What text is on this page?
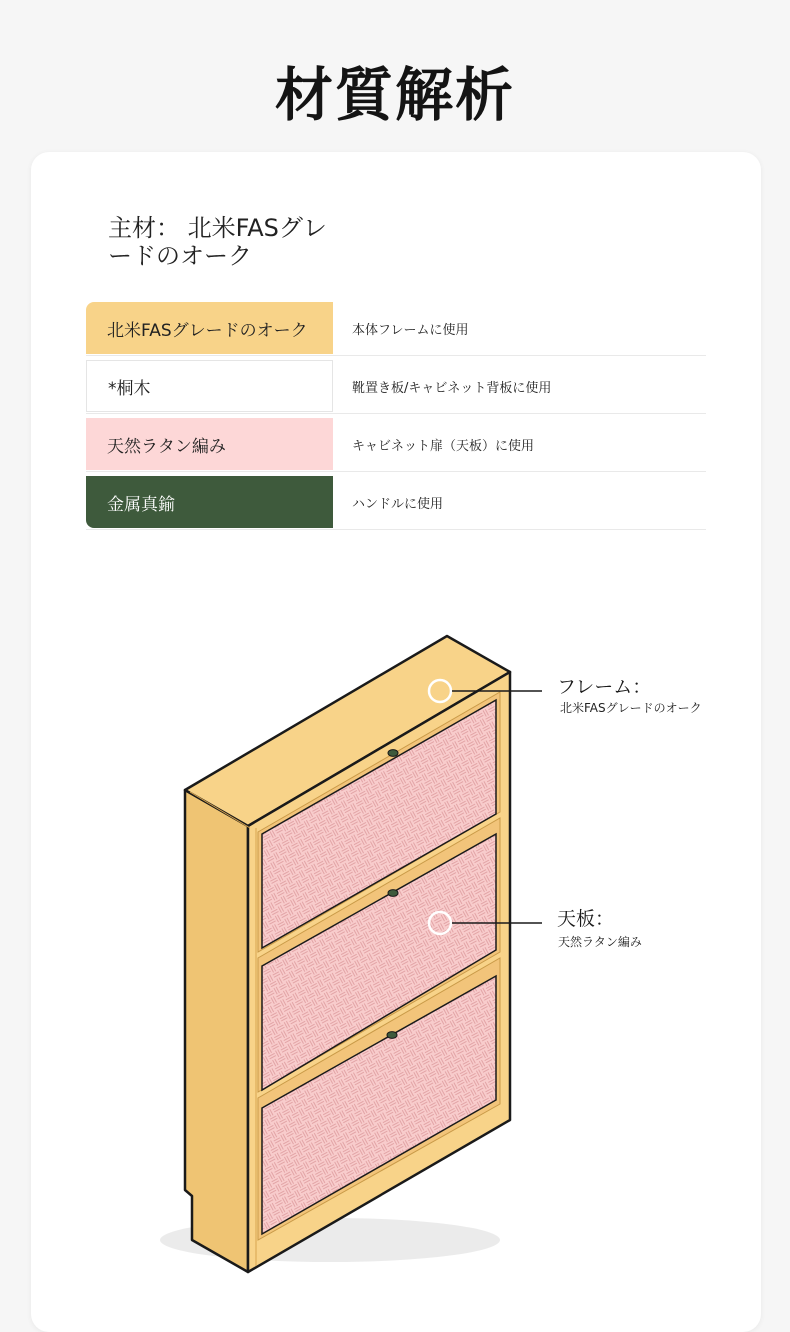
材質解析
主材： 北米FASグレードのオーク
北米FASグレードのオーク	本体フレームに使用
*桐木	靴置き板/キャビネット背板に使用
天然ラタン編み	キャビネット扉（天板）に使用
金属真鍮	ハンドルに使用
フレーム：
北米FASグレードのオーク
天板：
天然ラタン編み
